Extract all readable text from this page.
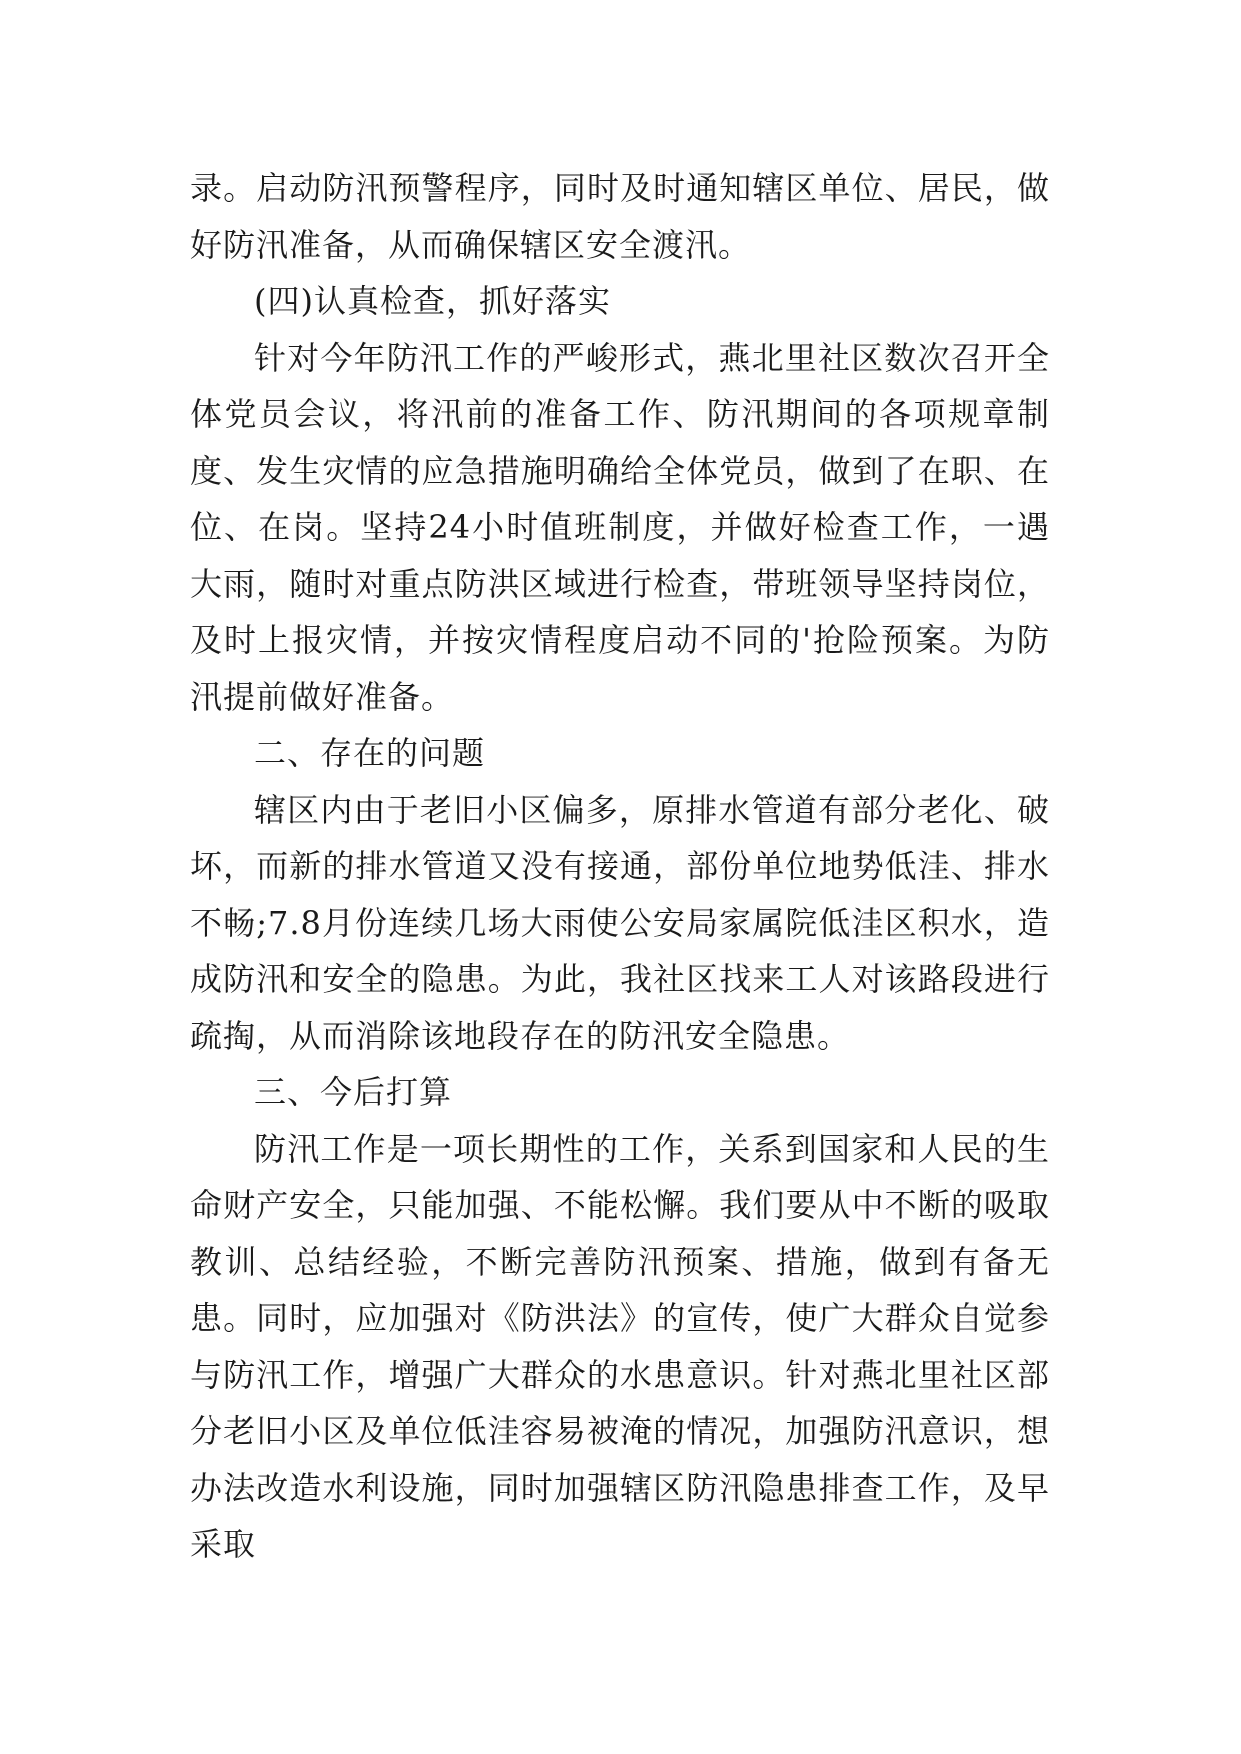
录。启动防汛预警程序，同时及时通知辖区单位、居民，做好防汛准备，从而确保辖区安全渡汛。

(四)认真检查，抓好落实

针对今年防汛工作的严峻形式，燕北里社区数次召开全体党员会议，将汛前的准备工作、防汛期间的各项规章制度、发生灾情的应急措施明确给全体党员，做到了在职、在位、在岗。坚持24小时值班制度，并做好检查工作，一遇大雨，随时对重点防洪区域进行检查，带班领导坚持岗位，及时上报灾情，并按灾情程度启动不同的'抢险预案。为防汛提前做好准备。

二、存在的问题

辖区内由于老旧小区偏多，原排水管道有部分老化、破坏，而新的排水管道又没有接通，部份单位地势低洼、排水不畅;7.8月份连续几场大雨使公安局家属院低洼区积水，造成防汛和安全的隐患。为此，我社区找来工人对该路段进行疏掏，从而消除该地段存在的防汛安全隐患。

三、今后打算

防汛工作是一项长期性的工作，关系到国家和人民的生命财产安全，只能加强、不能松懈。我们要从中不断的吸取教训、总结经验，不断完善防汛预案、措施，做到有备无患。同时，应加强对《防洪法》的宣传，使广大群众自觉参与防汛工作，增强广大群众的水患意识。针对燕北里社区部分老旧小区及单位低洼容易被淹的情况，加强防汛意识，想办法改造水利设施，同时加强辖区防汛隐患排查工作，及早采取
